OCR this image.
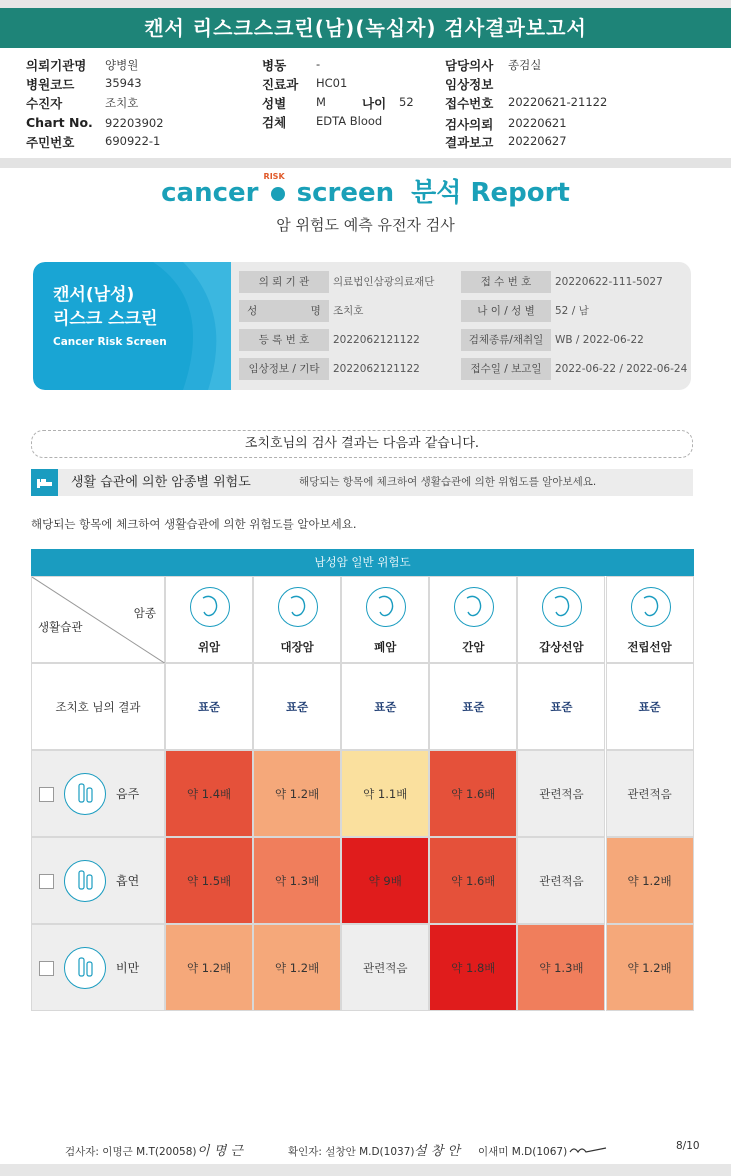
캔서 리스크스크린(남)(녹십자) 검사결과보고서
의뢰기관명 양병원
병원코드	35943
수진자	조치호
Chart No. 92203902
주민번호	690922-1
병동	-
진료과 HC01
성별	M	나이 52
검체	EDTA Blood
담당의사 종검실
임상정보
접수번호 20220621-21122
검사의뢰 20220621
결과보고 20220627
cancer
RISK
screen 분석 Report
암 위험도 예측 유전자 검사
캔서(남성)
리스크 스크린
Cancer Risk Screen
의 뢰 기 관	의료법인삼광의료재단	접 수 번 호	20220622-111-5027
성                명	조치호	나 이 / 성 별	52 / 남
등 록 번 호	2022062121122	검체종류/채취일	WB / 2022-06-22
임상정보 / 기타	2022062121122	접수일 / 보고일	2022-06-22 / 2022-06-24
조치호님의 검사 결과는 다음과 같습니다.
생활 습관에 의한 암종별 위험도	해당되는 항목에 체크하여 생활습관에 의한 위험도를 알아보세요.
해당되는 항목에 체크하여 생활습관에 의한 위험도를 알아보세요.
남성암 일반 위험도
암종
생활습관
위암	대장암	폐암	간암	갑상선암	전립선암
조치호 님의 결과	표준	표준	표준	표준	표준	표준
음주	약 1.4배	약 1.2배	약 1.1배	약 1.6배	관련적음	관련적음
흡연	약 1.5배	약 1.3배	약 9배	약 1.6배	관련적음	약 1.2배
비만	약 1.2배	약 1.2배	관련적음	약 1.8배	약 1.3배	약 1.2배
검사자: 이명근 M.T(20058) 이 명 근	확인자: 설창안 M.D(1037) 설 창 안 이새미 M.D(1067)	8/10
